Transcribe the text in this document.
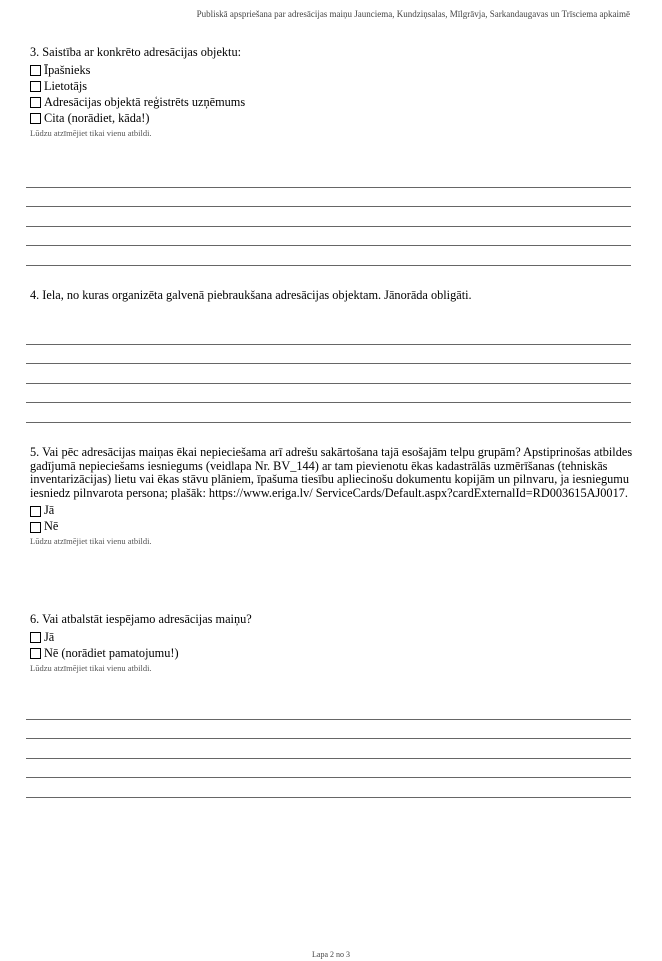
Publiskā apspriešana par adresācijas maiņu Jaunciema, Kundziņsalas, Mīlgrāvja, Sarkandaugavas un Trīsciema apkaimē

3. Saistība ar konkrēto adresācijas objektu:

Īpašnieks
Lietotājs
Adresācijas objektā reģistrēts uzņēmums
Cita (norādiet, kāda!)
Lūdzu atzīmējiet tikai vienu atbildi.

4. Iela, no kuras organizēta galvenā piebraukšana adresācijas objektam. Jānorāda obligāti.

5. Vai pēc adresācijas maiņas ēkai nepieciešama arī adrešu sakārtošana tajā esošajām telpu grupām? Apstiprinošas atbildes gadījumā nepieciešams iesniegums (veidlapa Nr. BV_144) ar tam pievienotu ēkas kadastrālās uzmērīšanas (tehniskās inventarizācijas) lietu vai ēkas stāvu plāniem, īpašuma tiesību apliecinošu dokumentu kopijām un pilnvaru, ja iesniegumu iesniedz pilnvarota persona; plašāk: https://www.eriga.lv/ ServiceCards/Default.aspx?cardExternalId=RD003615AJ0017.

Jā
Nē
Lūdzu atzīmējiet tikai vienu atbildi.

6. Vai atbalstāt iespējamo adresācijas maiņu?

Jā
Nē (norādiet pamatojumu!)
Lūdzu atzīmējiet tikai vienu atbildi.
Lapa 2 no 3
